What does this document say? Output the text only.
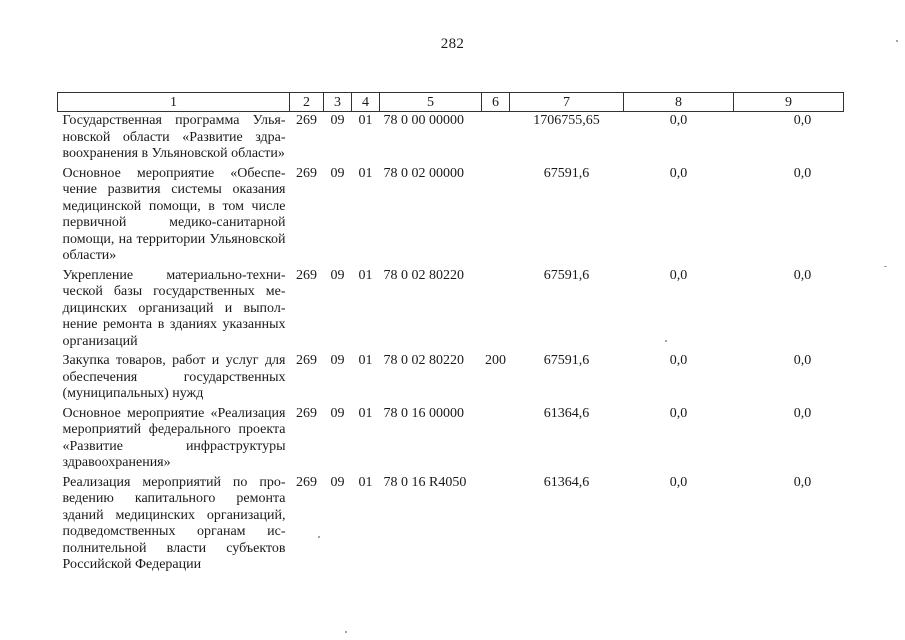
282
1	2	3	4	5	6	7	8	9
Государственная программа Ульяновской области «Развитие здравоохранения в Ульяновской области»	269	09	01	78 0 00 00000		1706755,65	0,0	0,0
Основное мероприятие «Обеспечение развития системы оказания медицинской помощи, в том числе первичной медико-санитарной помощи, на территории Ульяновской области»	269	09	01	78 0 02 00000		67591,6	0,0	0,0
Укрепление материально-технической базы государственных медицинских организаций и выполнение ремонта в зданиях указанных организаций	269	09	01	78 0 02 80220		67591,6	0,0	0,0
Закупка товаров, работ и услуг для обеспечения государственных (муниципальных) нужд	269	09	01	78 0 02 80220	200	67591,6	0,0	0,0
Основное мероприятие «Реализация мероприятий федерального проекта «Развитие инфраструктуры здравоохранения»	269	09	01	78 0 16 00000		61364,6	0,0	0,0
Реализация мероприятий по проведению капитального ремонта зданий медицинских организаций, подведомственных органам исполнительной власти субъектов Российской Федерации	269	09	01	78 0 16 R4050		61364,6	0,0	0,0
